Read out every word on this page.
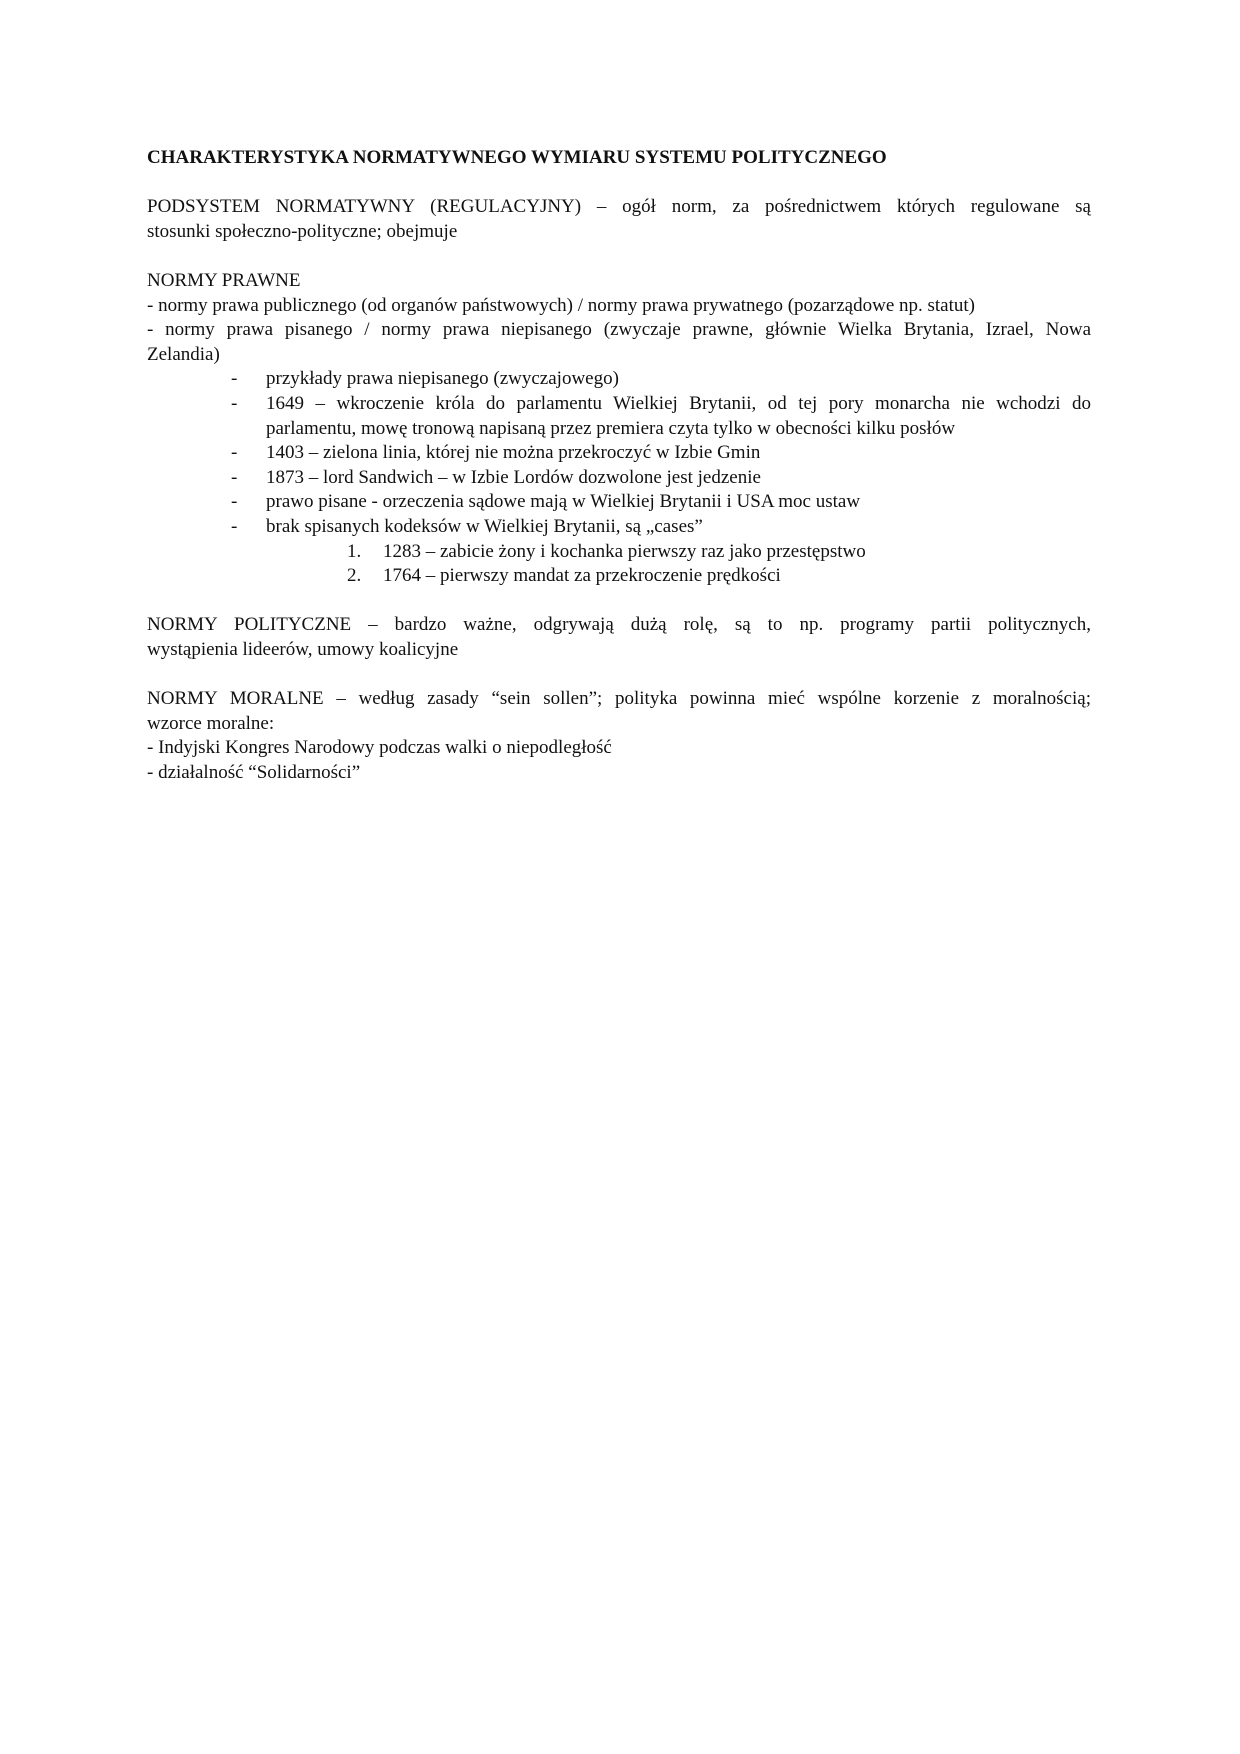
CHARAKTERYSTYKA NORMATYWNEGO WYMIARU SYSTEMU POLITYCZNEGO
PODSYSTEM NORMATYWNY (REGULACYJNY) – ogół norm, za pośrednictwem których regulowane są
stosunki społeczno-polityczne; obejmuje
NORMY PRAWNE
- normy prawa publicznego (od organów państwowych) / normy prawa prywatnego (pozarządowe np. statut)
- normy prawa pisanego / normy prawa niepisanego (zwyczaje prawne, głównie Wielka Brytania, Izrael, Nowa
Zelandia)
- przykłady prawa niepisanego (zwyczajowego)
- 1649 – wkroczenie króla do parlamentu Wielkiej Brytanii, od tej pory monarcha nie wchodzi do
parlamentu, mowę tronową napisaną przez premiera czyta tylko w obecności kilku posłów
- 1403 – zielona linia, której nie można przekroczyć w Izbie Gmin
- 1873 – lord Sandwich – w Izbie Lordów dozwolone jest jedzenie
- prawo pisane - orzeczenia sądowe mają w Wielkiej Brytanii i USA moc ustaw
- brak spisanych kodeksów w Wielkiej Brytanii, są „cases”
1. 1283 – zabicie żony i kochanka pierwszy raz jako przestępstwo
2. 1764 – pierwszy mandat za przekroczenie prędkości
NORMY POLITYCZNE – bardzo ważne, odgrywają dużą rolę, są to np. programy partii politycznych,
wystąpienia lideerów, umowy koalicyjne
NORMY MORALNE – według zasady “sein sollen”; polityka powinna mieć wspólne korzenie z moralnością;
wzorce moralne:
- Indyjski Kongres Narodowy podczas walki o niepodległość
- działalność “Solidarności”
